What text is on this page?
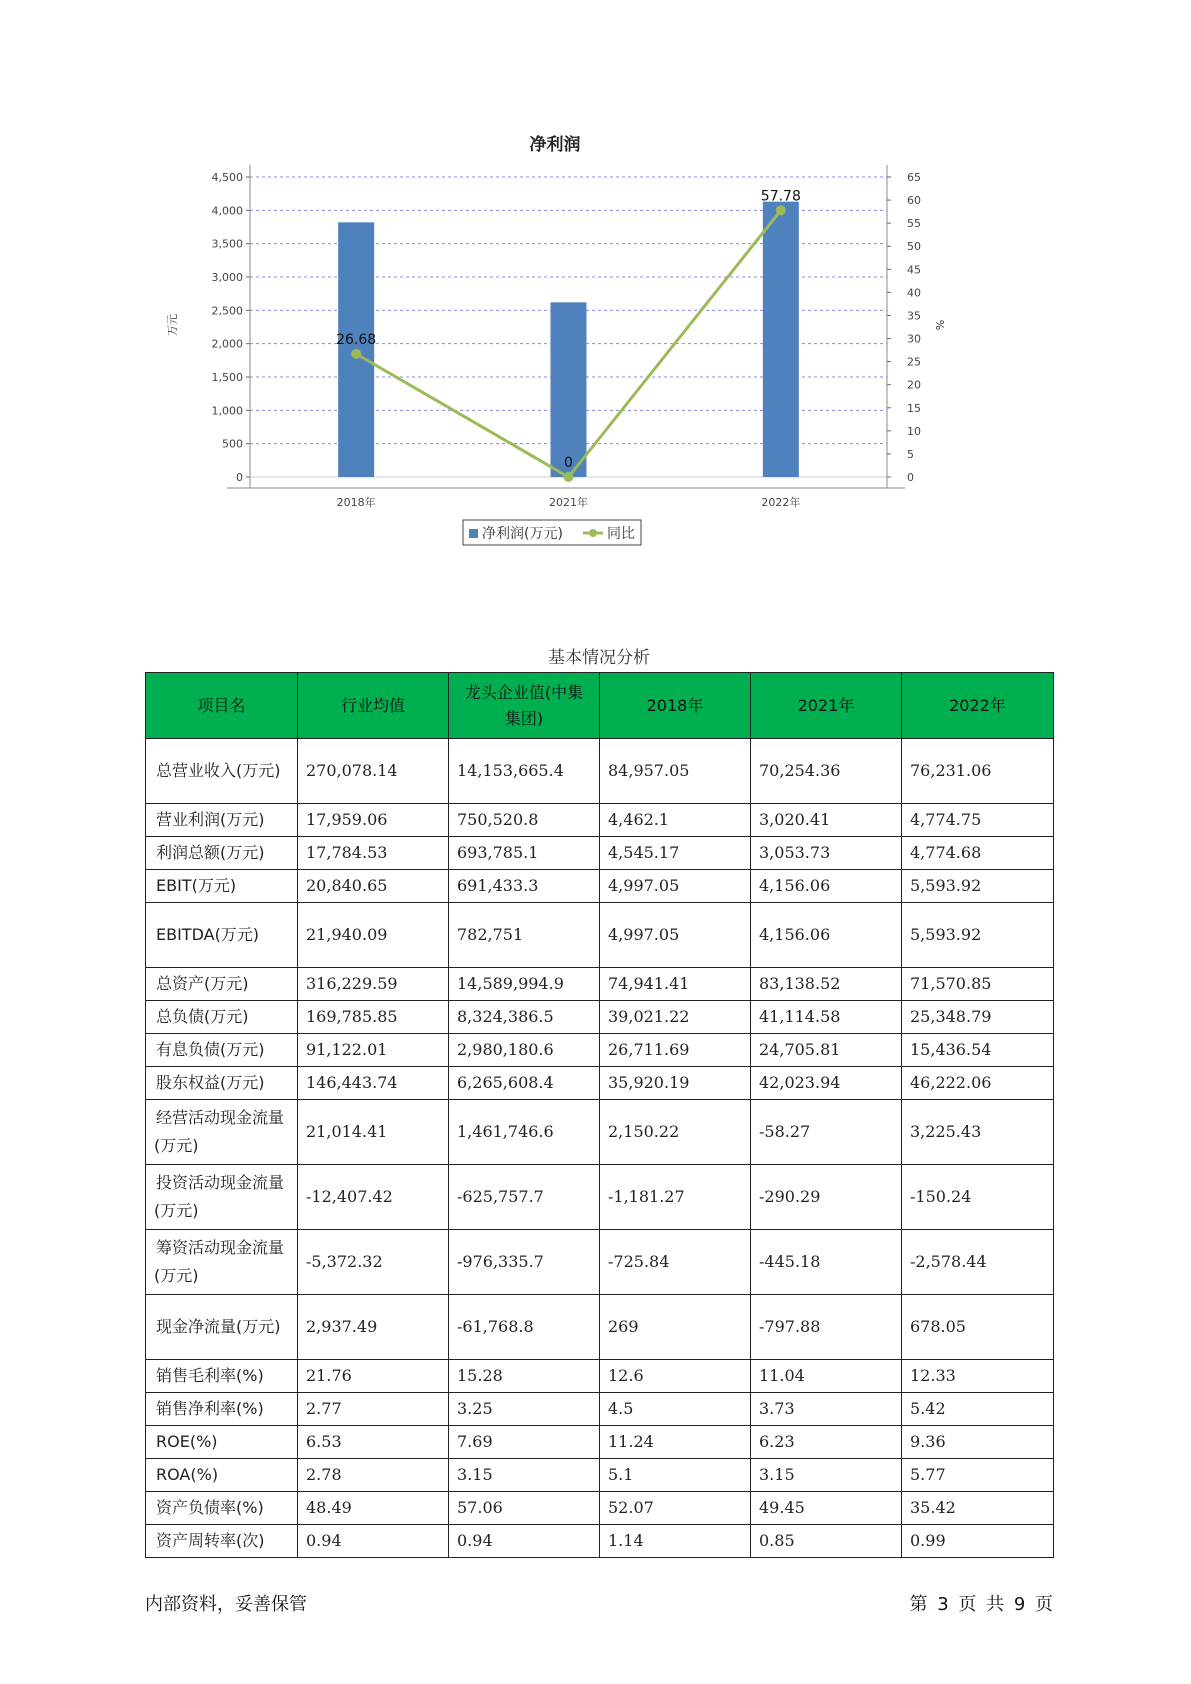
净利润
0
500
1,000
1,500
2,000
2,500
3,000
3,500
4,000
4,500
0
5
10
15
20
25
30
35
40
45
50
55
60
65
万元	%
2018年	2021年	2022年
26.68
0
57.78
净利润(万元)	同比
基本情况分析
项目名	行业均值	龙头企业值(中集集团)	2018年	2021年	2022年
总营业收入(万元)	270,078.14	14,153,665.4	84,957.05	70,254.36	76,231.06
营业利润(万元)	17,959.06	750,520.8	4,462.1	3,020.41	4,774.75
利润总额(万元)	17,784.53	693,785.1	4,545.17	3,053.73	4,774.68
EBIT(万元)	20,840.65	691,433.3	4,997.05	4,156.06	5,593.92
EBITDA(万元)	21,940.09	782,751	4,997.05	4,156.06	5,593.92
总资产(万元)	316,229.59	14,589,994.9	74,941.41	83,138.52	71,570.85
总负债(万元)	169,785.85	8,324,386.5	39,021.22	41,114.58	25,348.79
有息负债(万元)	91,122.01	2,980,180.6	26,711.69	24,705.81	15,436.54
股东权益(万元)	146,443.74	6,265,608.4	35,920.19	42,023.94	46,222.06
经营活动现金流量(万元)	21,014.41	1,461,746.6	2,150.22	-58.27	3,225.43
投资活动现金流量(万元)	-12,407.42	-625,757.7	-1,181.27	-290.29	-150.24
筹资活动现金流量(万元)	-5,372.32	-976,335.7	-725.84	-445.18	-2,578.44
现金净流量(万元)	2,937.49	-61,768.8	269	-797.88	678.05
销售毛利率(%)	21.76	15.28	12.6	11.04	12.33
销售净利率(%)	2.77	3.25	4.5	3.73	5.42
ROE(%)	6.53	7.69	11.24	6.23	9.36
ROA(%)	2.78	3.15	5.1	3.15	5.77
资产负债率(%)	48.49	57.06	52.07	49.45	35.42
资产周转率(次)	0.94	0.94	1.14	0.85	0.99
内部资料，妥善保管	第 3 页 共 9 页
